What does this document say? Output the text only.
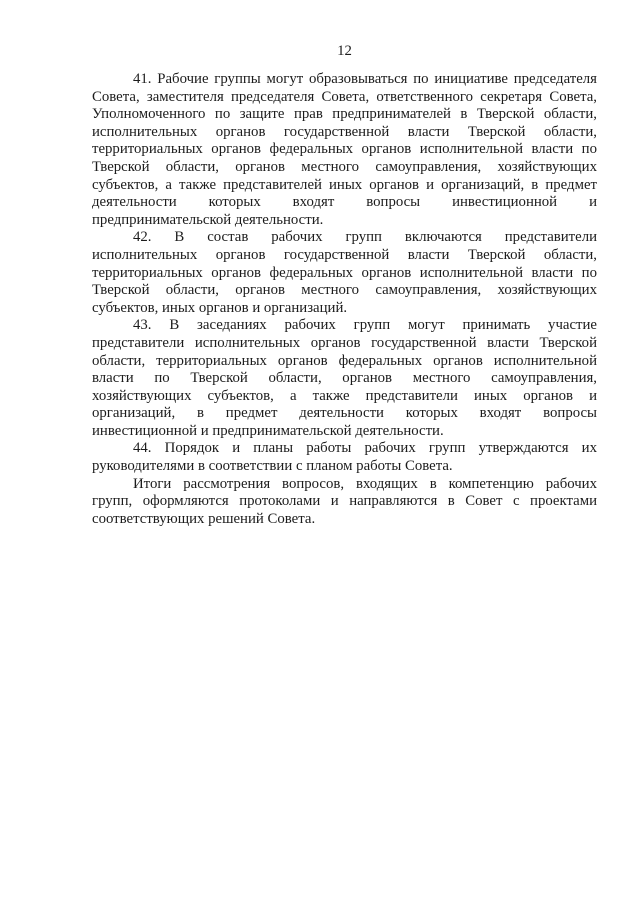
12
41. Рабочие группы могут образовываться по инициативе председателя
Совета, заместителя председателя Совета, ответственного секретаря Совета,
Уполномоченного по защите прав предпринимателей в Тверской области,
исполнительных органов государственной власти Тверской области,
территориальных органов федеральных органов исполнительной власти по
Тверской области, органов местного самоуправления, хозяйствующих
субъектов, а также представителей иных органов и организаций, в предмет
деятельности которых входят вопросы инвестиционной и
предпринимательской деятельности.
42. В состав рабочих групп включаются представители
исполнительных органов государственной власти Тверской области,
территориальных органов федеральных органов исполнительной власти по
Тверской области, органов местного самоуправления, хозяйствующих
субъектов, иных органов и организаций.
43. В заседаниях рабочих групп могут принимать участие
представители исполнительных органов государственной власти Тверской
области, территориальных органов федеральных органов исполнительной
власти по Тверской области, органов местного самоуправления,
хозяйствующих субъектов, а также представители иных органов и
организаций, в предмет деятельности которых входят вопросы
инвестиционной и предпринимательской деятельности.
44. Порядок и планы работы рабочих групп утверждаются их
руководителями в соответствии с планом работы Совета.
Итоги рассмотрения вопросов, входящих в компетенцию рабочих
групп, оформляются протоколами и направляются в Совет с проектами
соответствующих решений Совета.
